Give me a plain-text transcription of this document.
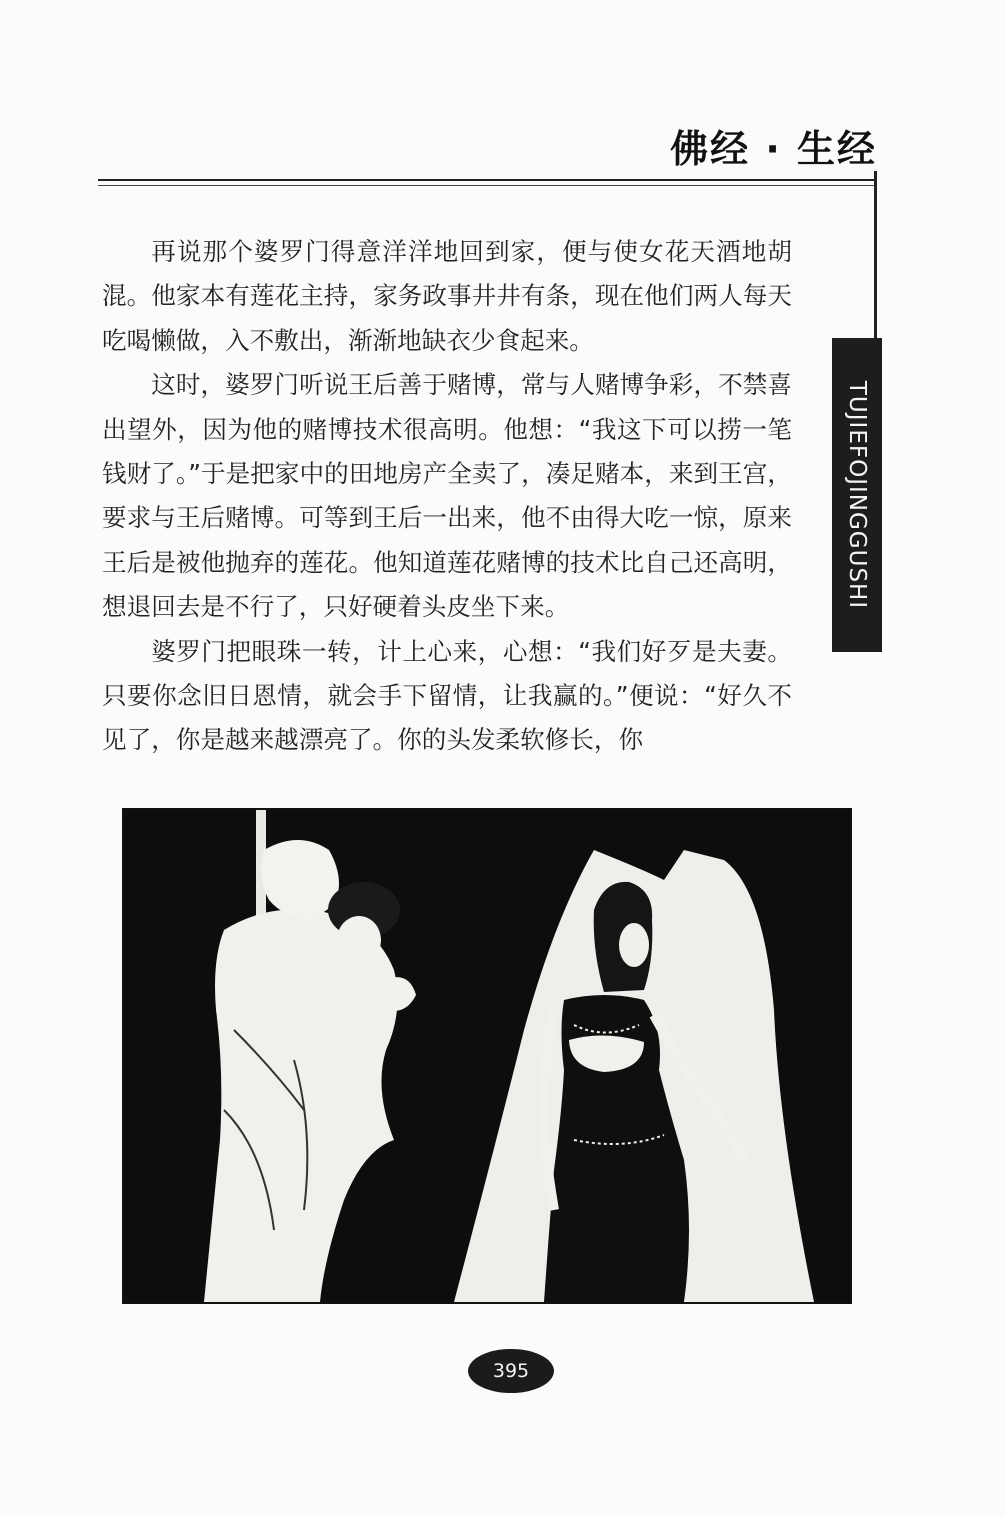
佛经 · 生经
TUJIEFOJINGGUSHI

再说那个婆罗门得意洋洋地回到家，便与使女花天酒地胡混。他家本有莲花主持，家务政事井井有条，现在他们两人每天吃喝懒做，入不敷出，渐渐地缺衣少食起来。

这时，婆罗门听说王后善于赌博，常与人赌博争彩，不禁喜出望外，因为他的赌博技术很高明。他想：“我这下可以捞一笔钱财了。”于是把家中的田地房产全卖了，凑足赌本，来到王宫，要求与王后赌博。可等到王后一出来，他不由得大吃一惊，原来王后是被他抛弃的莲花。他知道莲花赌博的技术比自己还高明，想退回去是不行了，只好硬着头皮坐下来。

婆罗门把眼珠一转，计上心来，心想：“我们好歹是夫妻。只要你念旧日恩情，就会手下留情，让我赢的。”便说：“好久不见了，你是越来越漂亮了。你的头发柔软修长，你

395
